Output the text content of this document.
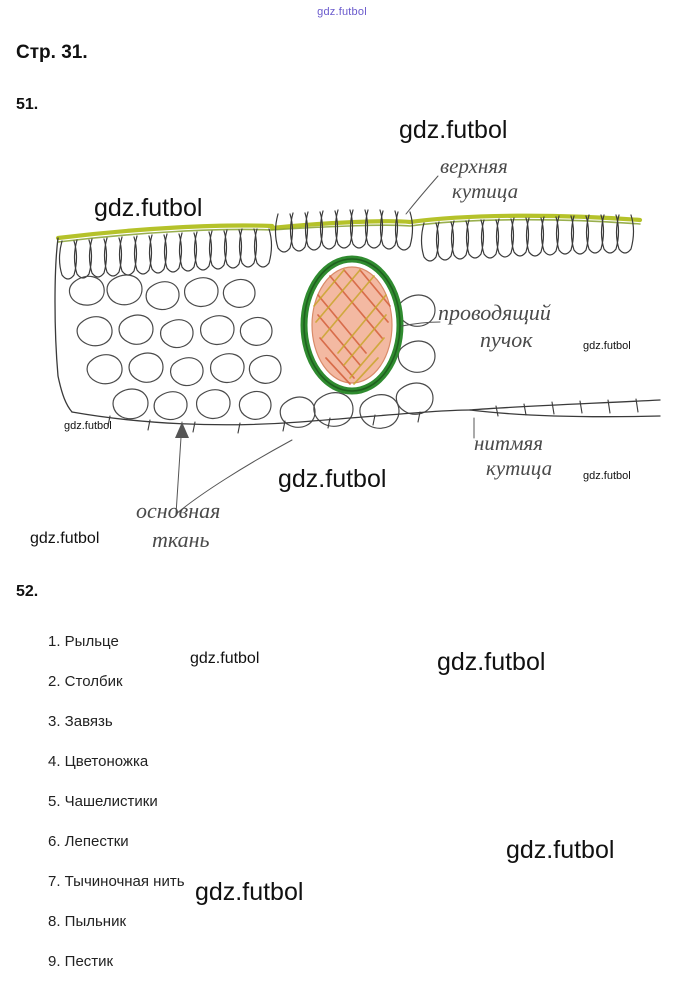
gdz.futbol
Стр. 31.
51.
верхняя
кутица
проводящий
пучок
нитмяя
кутица
основная
ткань
52.
1. Рыльце
2. Столбик
3. Завязь
4. Цветоножка
5. Чашелистики
6. Лепестки
7. Тычиночная нить
8. Пыльник
9. Пестик
gdz.futbol
gdz.futbol
gdz.futbol
gdz.futbol
gdz.futbol	gdz.futbol
gdz.futbol
gdz.futbol	gdz.futbol
gdz.futbol
gdz.futbol
